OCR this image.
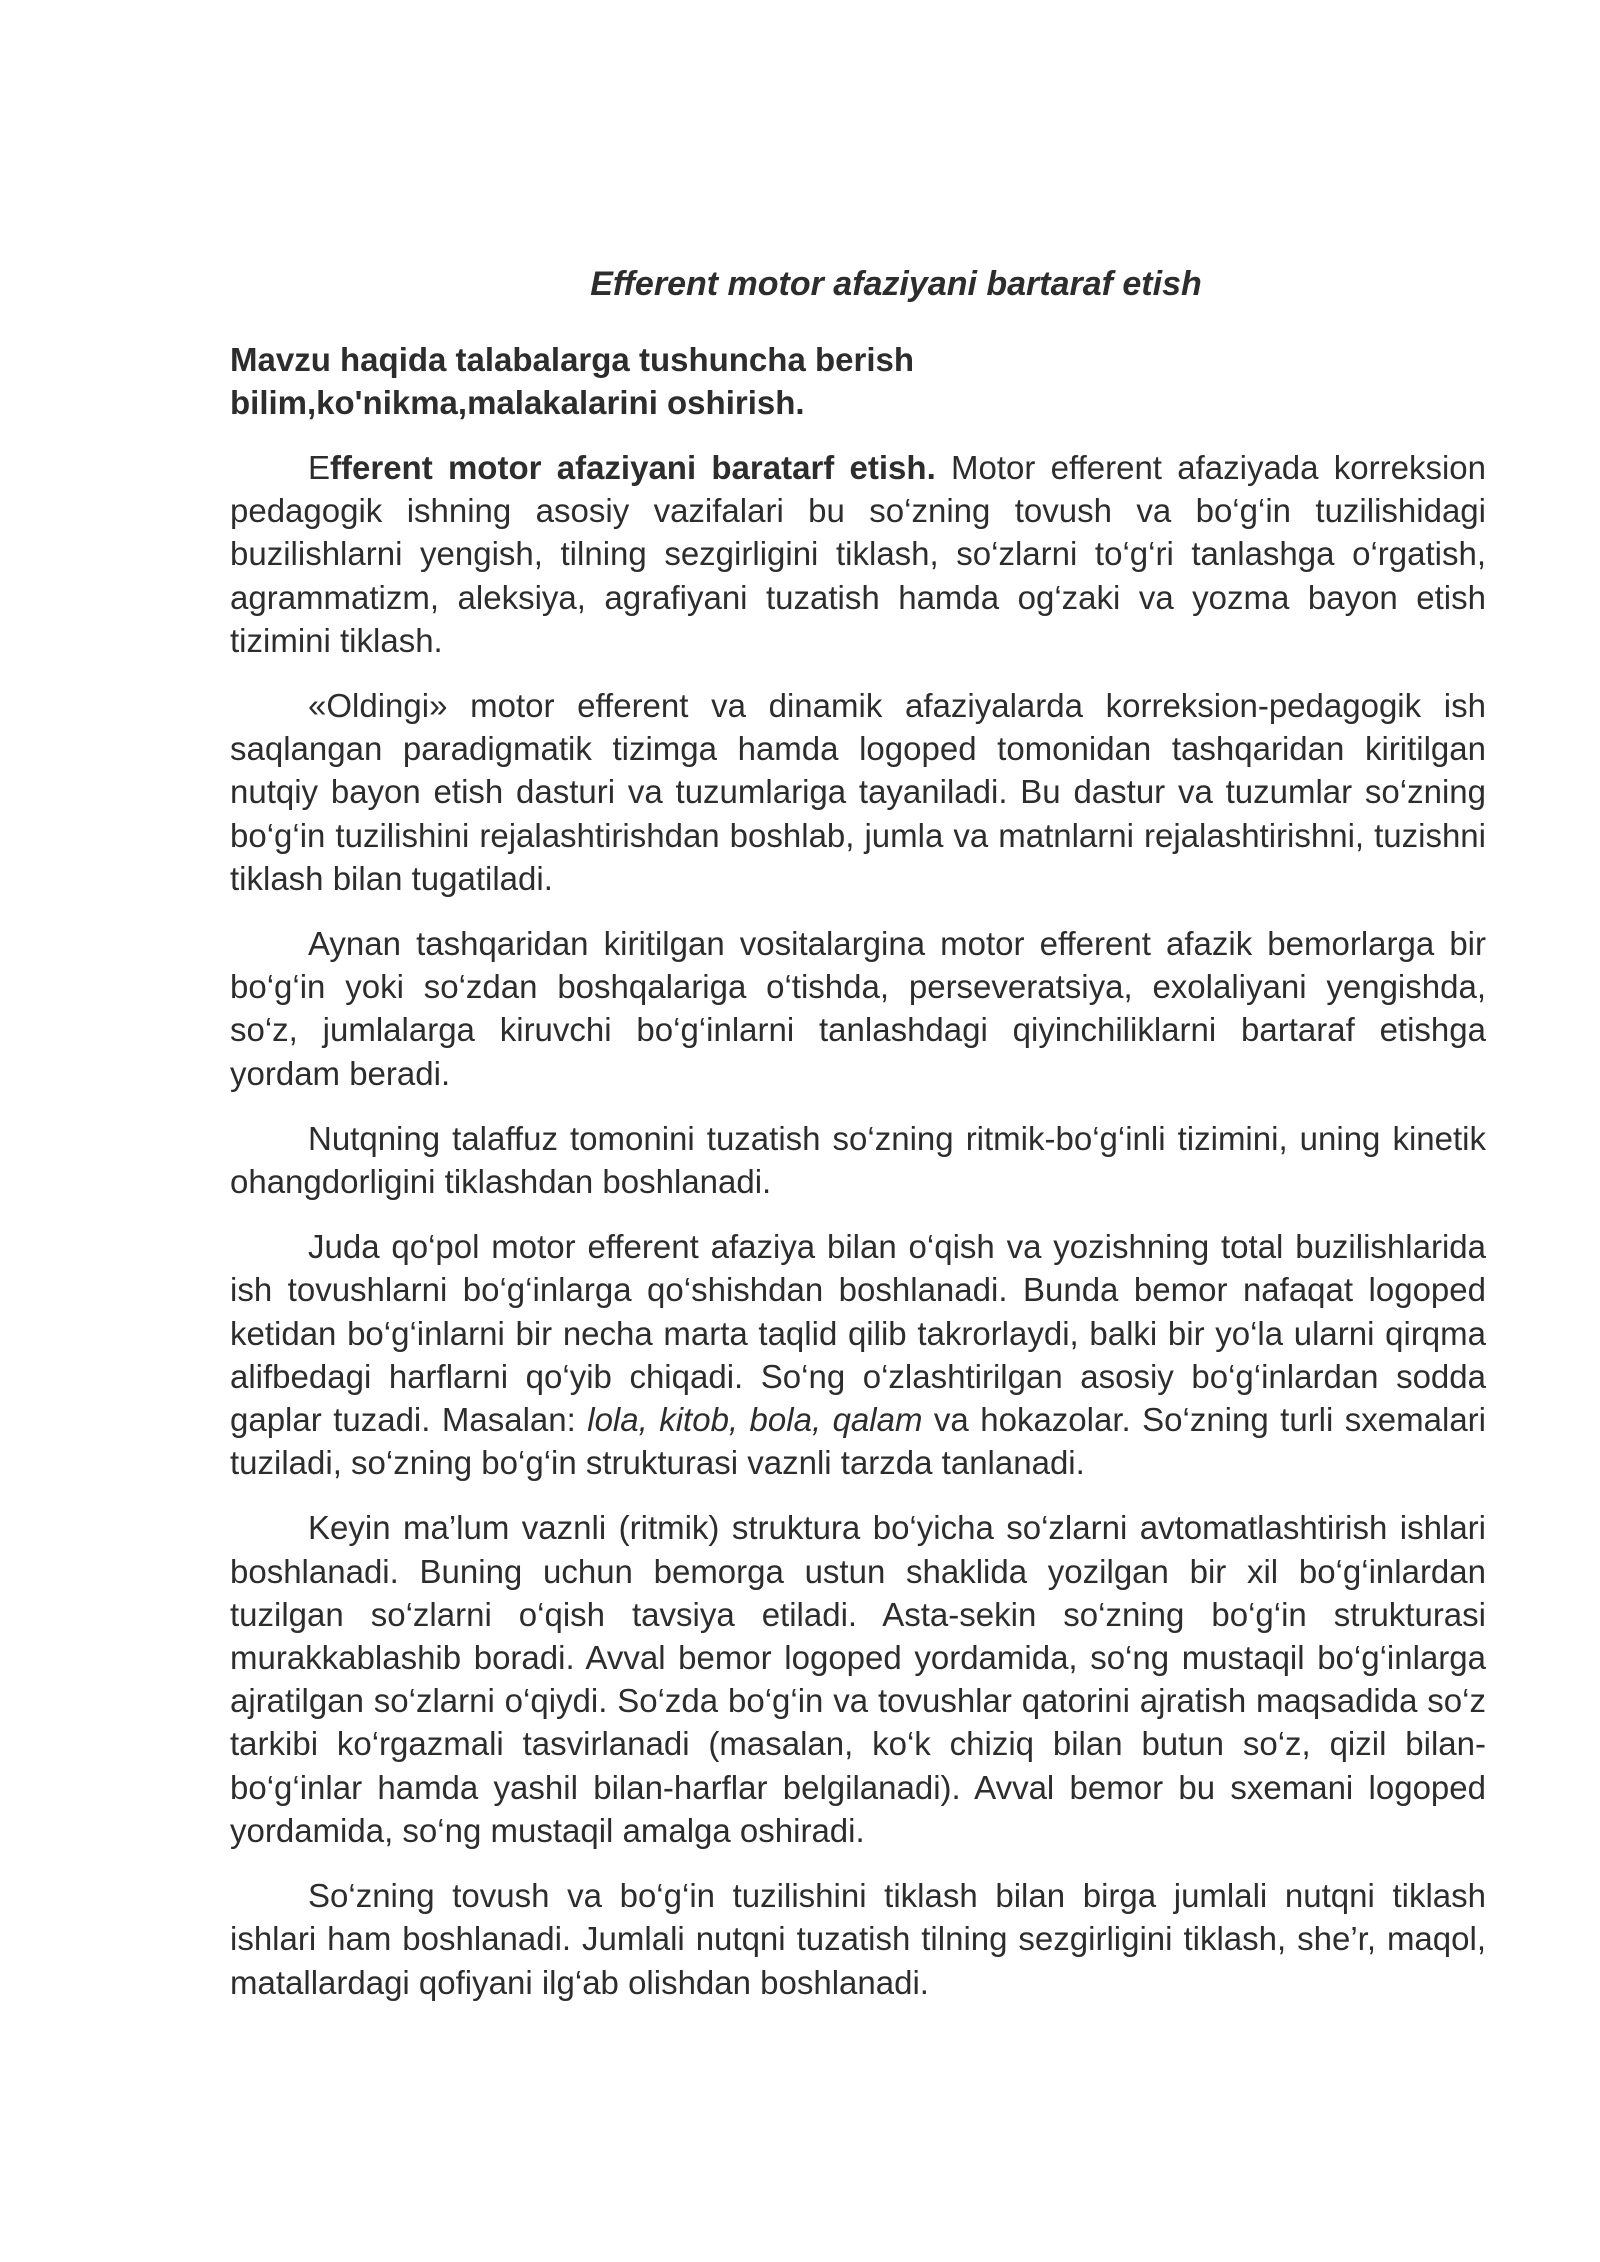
Efferent motor afaziyani bartaraf etish

Mavzu haqida talabalarga tushuncha berish
bilim,ko'nikma,malakalarini oshirish.

Efferent motor afaziyani baratarf etish. Motor efferent afaziyada korreksion pedagogik ishning asosiy vazifalari bu so‘zning tovush va bo‘g‘in tuzilishidagi buzilishlarni yengish, tilning sezgirligini tiklash, so‘zlarni to‘g‘ri tanlashga o‘rgatish, agrammatizm, aleksiya, agrafiyani tuzatish hamda og‘zaki va yozma bayon etish tizimini tiklash.

«Oldingi» motor efferent va dinamik afaziyalarda korreksion-pedagogik ish saqlangan paradigmatik tizimga hamda logoped tomonidan tashqaridan kiritilgan nutqiy bayon etish dasturi va tuzumlariga tayaniladi. Bu dastur va tuzumlar so‘zning bo‘g‘in tuzilishini rejalashtirishdan boshlab, jumla va matnlarni rejalashtirishni, tuzishni tiklash bilan tugatiladi.

Aynan tashqaridan kiritilgan vositalargina motor efferent afazik bemorlarga bir bo‘g‘in yoki so‘zdan boshqalariga o‘tishda, perseveratsiya, exolaliyani yengishda, so‘z, jumlalarga kiruvchi bo‘g‘inlarni tanlashdagi qiyinchiliklarni bartaraf etishga yordam beradi.

Nutqning talaffuz tomonini tuzatish so‘zning ritmik-bo‘g‘inli tizimini, uning kinetik ohangdorligini tiklashdan boshlanadi.

Juda qo‘pol motor efferent afaziya bilan o‘qish va yozishning total buzilishlarida ish tovushlarni bo‘g‘inlarga qo‘shishdan boshlanadi. Bunda bemor nafaqat logoped ketidan bo‘g‘inlarni bir necha marta taqlid qilib takrorlaydi, balki bir yo‘la ularni qirqma alifbedagi harflarni qo‘yib chiqadi. So‘ng o‘zlashtirilgan asosiy bo‘g‘inlardan sodda gaplar tuzadi. Masalan: lola, kitob, bola, qalam va hokazolar. So‘zning turli sxemalari tuziladi, so‘zning bo‘g‘in strukturasi vaznli tarzda tanlanadi.

Keyin ma’lum vaznli (ritmik) struktura bo‘yicha so‘zlarni avtomatlashtirish ishlari boshlanadi. Buning uchun bemorga ustun shaklida yozilgan bir xil bo‘g‘inlardan tuzilgan so‘zlarni o‘qish tavsiya etiladi. Asta-sekin so‘zning bo‘g‘in strukturasi murakkablashib boradi. Avval bemor logoped yordamida, so‘ng mustaqil bo‘g‘inlarga ajratilgan so‘zlarni o‘qiydi. So‘zda bo‘g‘in va tovushlar qatorini ajratish maqsadida so‘z tarkibi ko‘rgazmali tasvirlanadi (masalan, ko‘k chiziq bilan butun so‘z, qizil bilan-bo‘g‘inlar hamda yashil bilan-harflar belgilanadi). Avval bemor bu sxemani logoped yordamida, so‘ng mustaqil amalga oshiradi.

So‘zning tovush va bo‘g‘in tuzilishini tiklash bilan birga jumlali nutqni tiklash ishlari ham boshlanadi. Jumlali nutqni tuzatish tilning sezgirligini tiklash, she’r, maqol, matallardagi qofiyani ilg‘ab olishdan boshlanadi.
